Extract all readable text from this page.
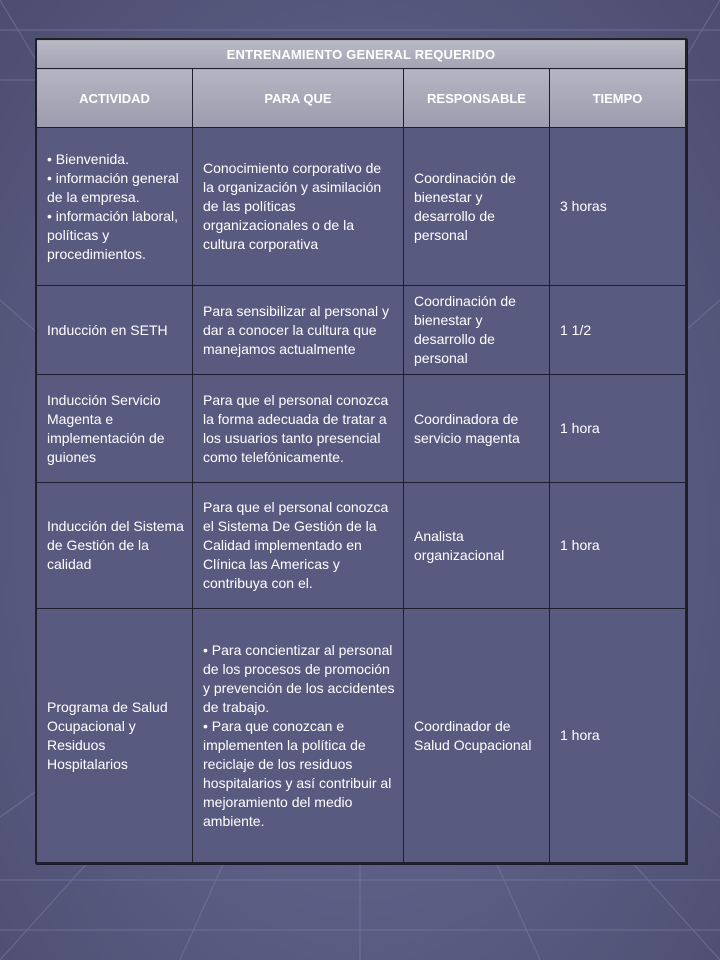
ENTRENAMIENTO GENERAL REQUERIDO			
ACTIVIDAD	PARA QUE	RESPONSABLE	TIEMPO

• Bienvenida.
• información general de la empresa.
• información laboral, políticas y procedimientos.	Conocimiento corporativo de la organización y asimilación de las políticas organizacionales o de la cultura corporativa	Coordinación de bienestar y desarrollo de personal	3 horas

Inducción en SETH	Para sensibilizar al personal y dar a conocer la cultura que manejamos actualmente	Coordinación de bienestar y desarrollo de personal	1 1/2

Inducción Servicio Magenta e implementación de guiones	Para que el personal conozca la forma adecuada de tratar a los usuarios tanto presencial como telefónicamente.	Coordinadora de servicio magenta	1 hora

Inducción del Sistema de Gestión de la calidad	Para que el personal conozca el Sistema De Gestión de la Calidad implementado en Clínica las Americas y contribuya con el.	Analista organizacional	1 hora

Programa de Salud Ocupacional y Residuos Hospitalarios	• Para concientizar al personal de los procesos de promoción y prevención de los accidentes de trabajo.
• Para que conozcan e implementen la política de reciclaje de los residuos hospitalarios y así contribuir al mejoramiento del medio ambiente.	Coordinador de Salud Ocupacional	1 hora
